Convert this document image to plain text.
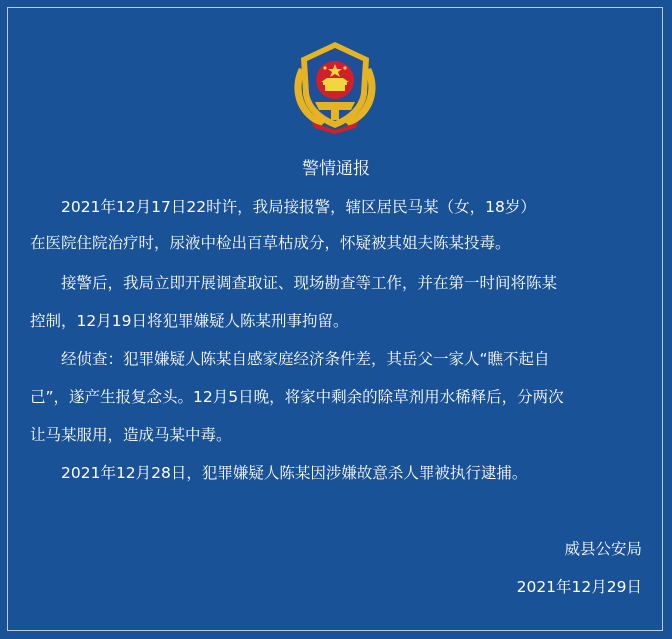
警情通报
　　2021年12月17日22时许，我局接报警，辖区居民马某（女，18岁）
在医院住院治疗时，尿液中检出百草枯成分，怀疑被其姐夫陈某投毒。
　　接警后，我局立即开展调查取证、现场勘查等工作，并在第一时间将陈某
控制，12月19日将犯罪嫌疑人陈某刑事拘留。
　　经侦查：犯罪嫌疑人陈某自感家庭经济条件差，其岳父一家人“瞧不起自
己”，遂产生报复念头。12月5日晚，将家中剩余的除草剂用水稀释后，分两次
让马某服用，造成马某中毒。
　　2021年12月28日，犯罪嫌疑人陈某因涉嫌故意杀人罪被执行逮捕。
威县公安局
2021年12月29日
